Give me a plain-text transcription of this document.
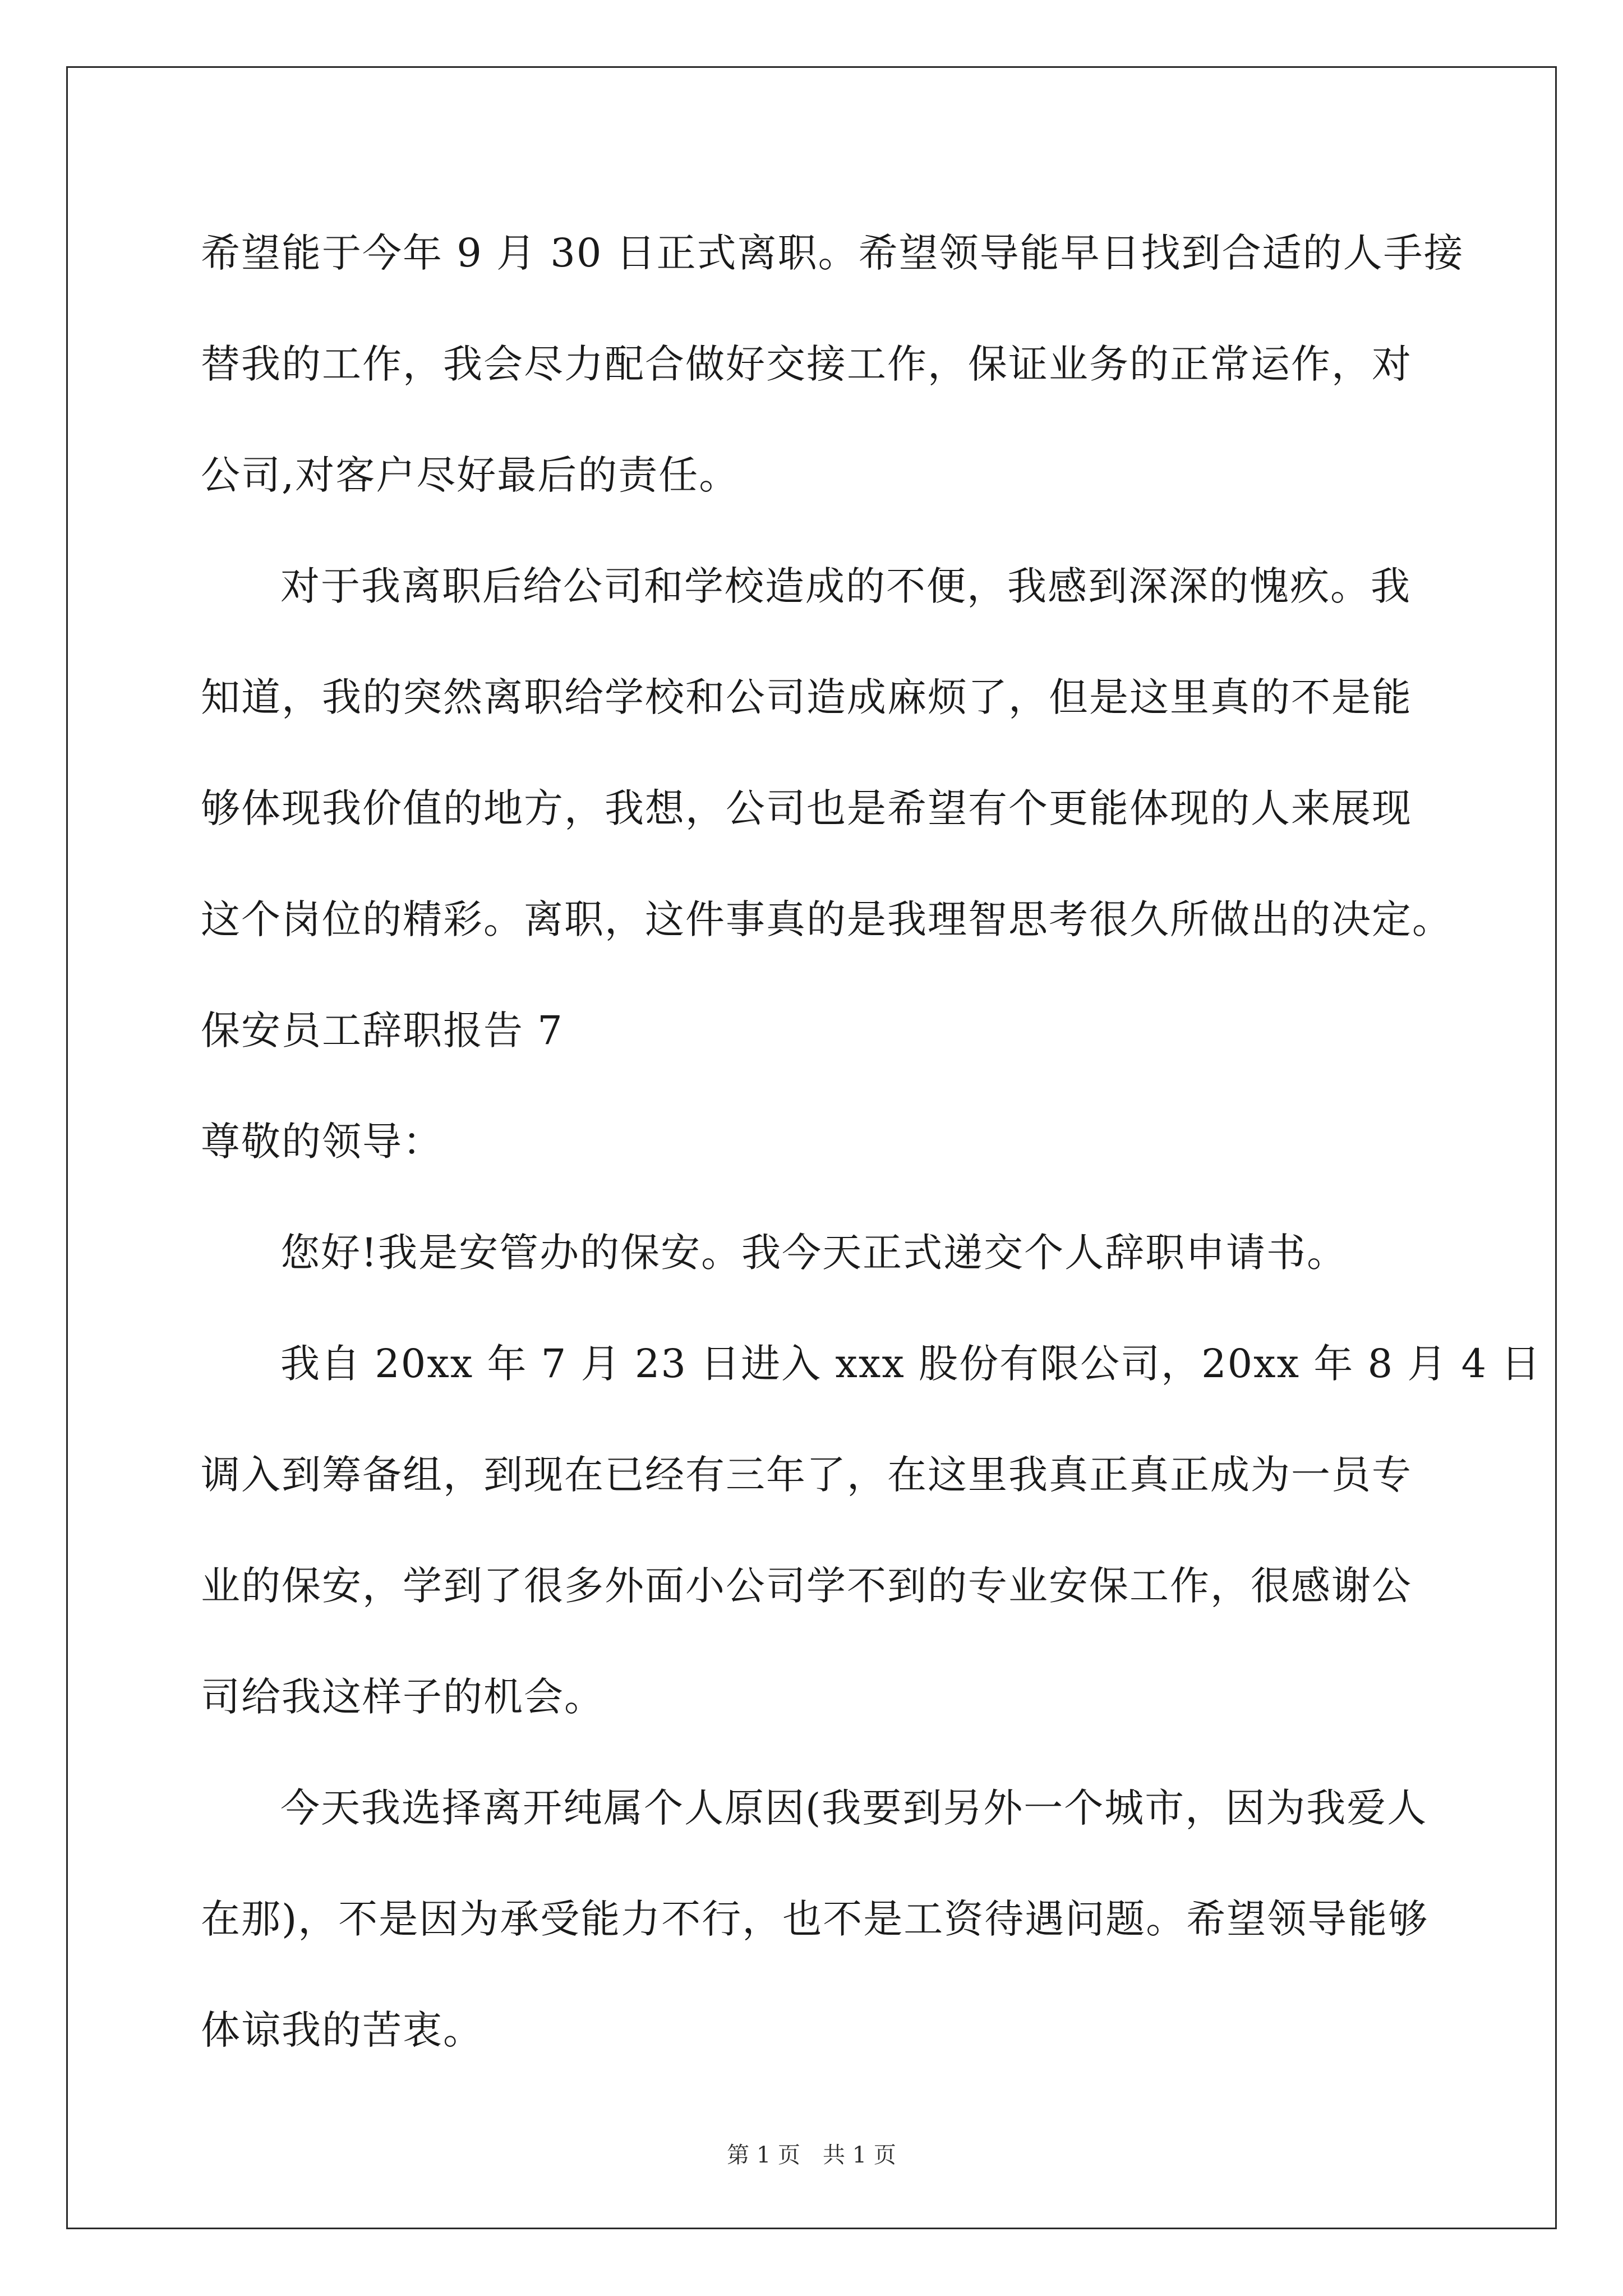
希望能于今年 9 月 30 日正式离职。希望领导能早日找到合适的人手接
替我的工作，我会尽力配合做好交接工作，保证业务的正常运作，对
公司,对客户尽好最后的责任。
对于我离职后给公司和学校造成的不便，我感到深深的愧疚。我
知道，我的突然离职给学校和公司造成麻烦了，但是这里真的不是能
够体现我价值的地方，我想，公司也是希望有个更能体现的人来展现
这个岗位的精彩。离职，这件事真的是我理智思考很久所做出的决定。
保安员工辞职报告 7
尊敬的领导：
您好!我是安管办的保安。我今天正式递交个人辞职申请书。
我自 20xx 年 7 月 23 日进入 xxx 股份有限公司，20xx 年 8 月 4 日
调入到筹备组，到现在已经有三年了，在这里我真正真正成为一员专
业的保安，学到了很多外面小公司学不到的专业安保工作，很感谢公
司给我这样子的机会。
今天我选择离开纯属个人原因(我要到另外一个城市，因为我爱人
在那)，不是因为承受能力不行，也不是工资待遇问题。希望领导能够
体谅我的苦衷。
第 1 页　共 1 页
